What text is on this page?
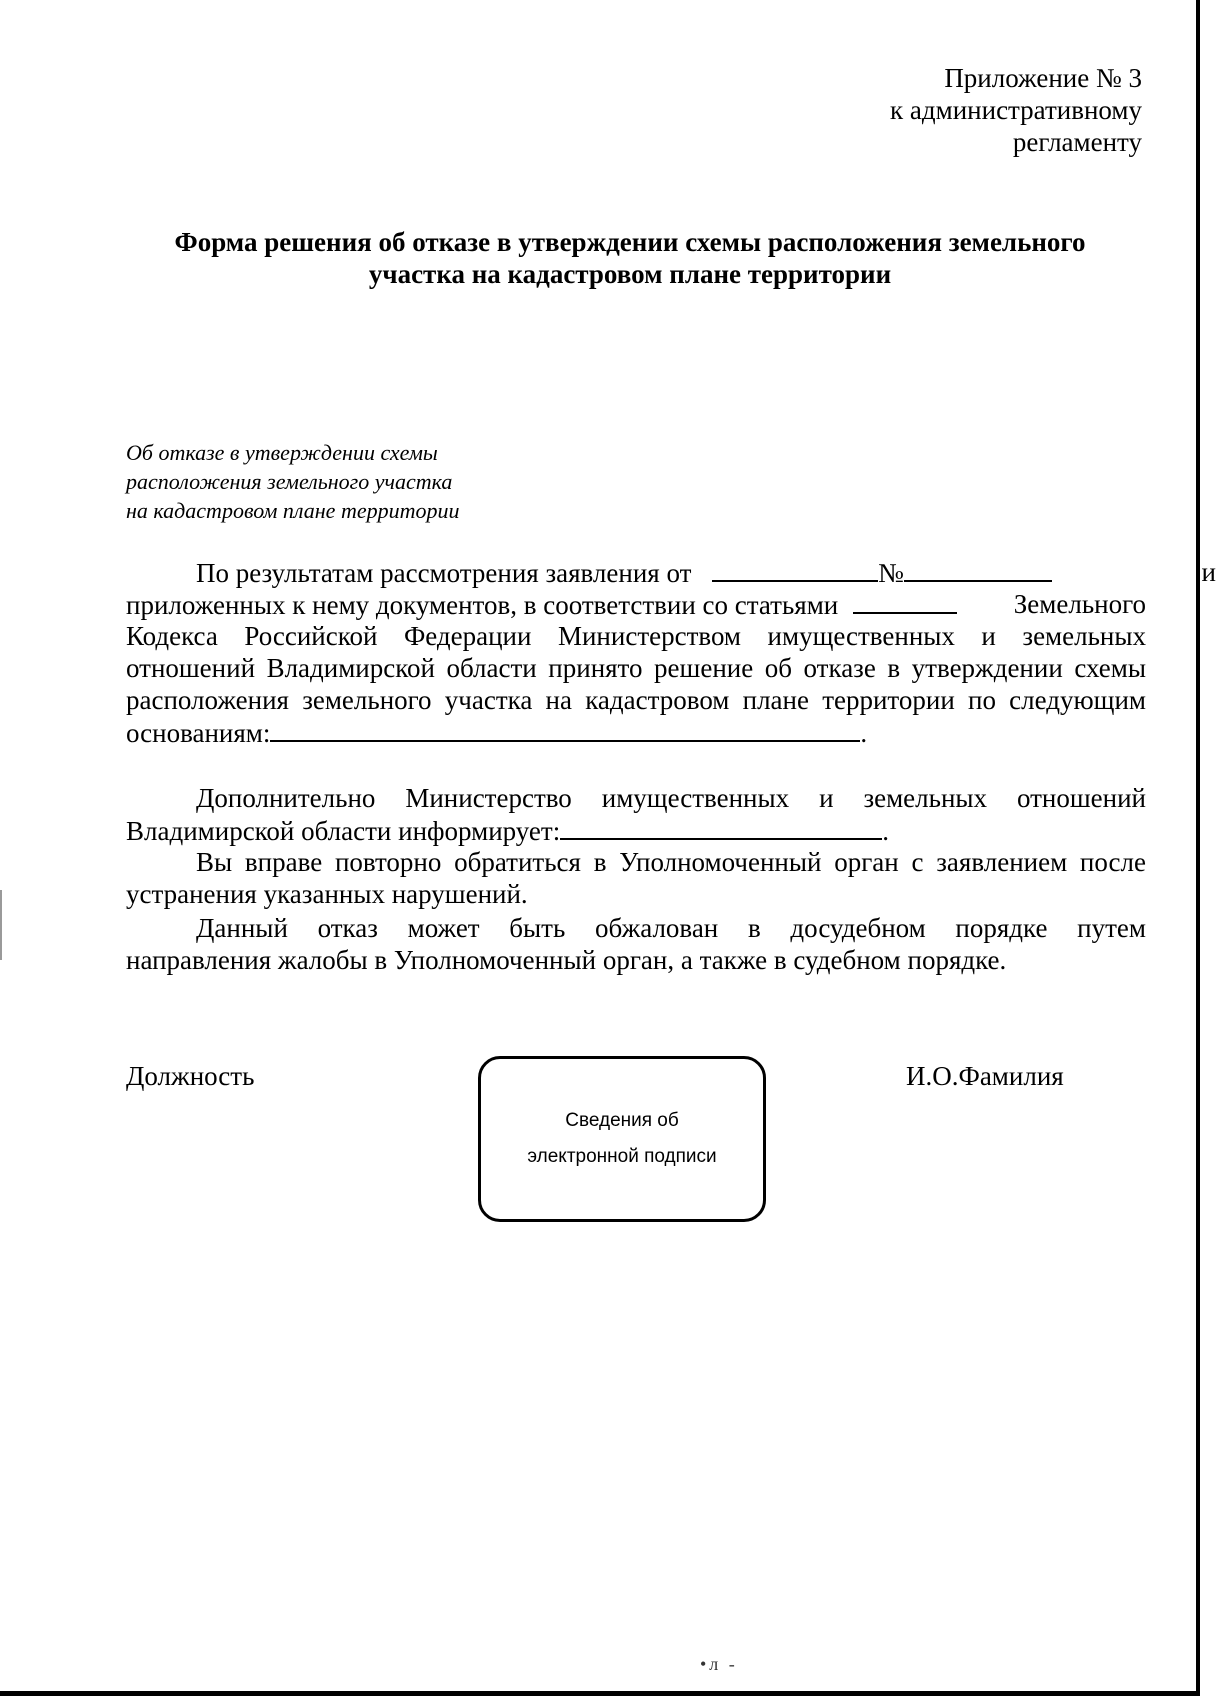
Приложение № 3
к административному
регламенту
Форма решения об отказе в утверждении схемы расположения земельного
участка на кадастровом плане территории
Об отказе в утверждении схемы
расположения земельного участка
на кадастровом плане территории
По результатам рассмотрения заявления от	№	и
приложенных к нему документов, в соответствии со статьями	Земельного
Кодекса Российской Федерации Министерством имущественных и земельных
отношений Владимирской области принято решение об отказе в утверждении схемы
расположения земельного участка на кадастровом плане территории по следующим
основаниям:	.
Дополнительно Министерство имущественных и земельных отношений
Владимирской области информирует:	.
Вы вправе повторно обратиться в Уполномоченный орган с заявлением после
устранения указанных нарушений.
Данный отказ может быть обжалован в досудебном порядке путем
направления жалобы в Уполномоченный орган, а также в судебном порядке.
Должность
Сведения об
электронной подписи
И.О.Фамилия
•л -
